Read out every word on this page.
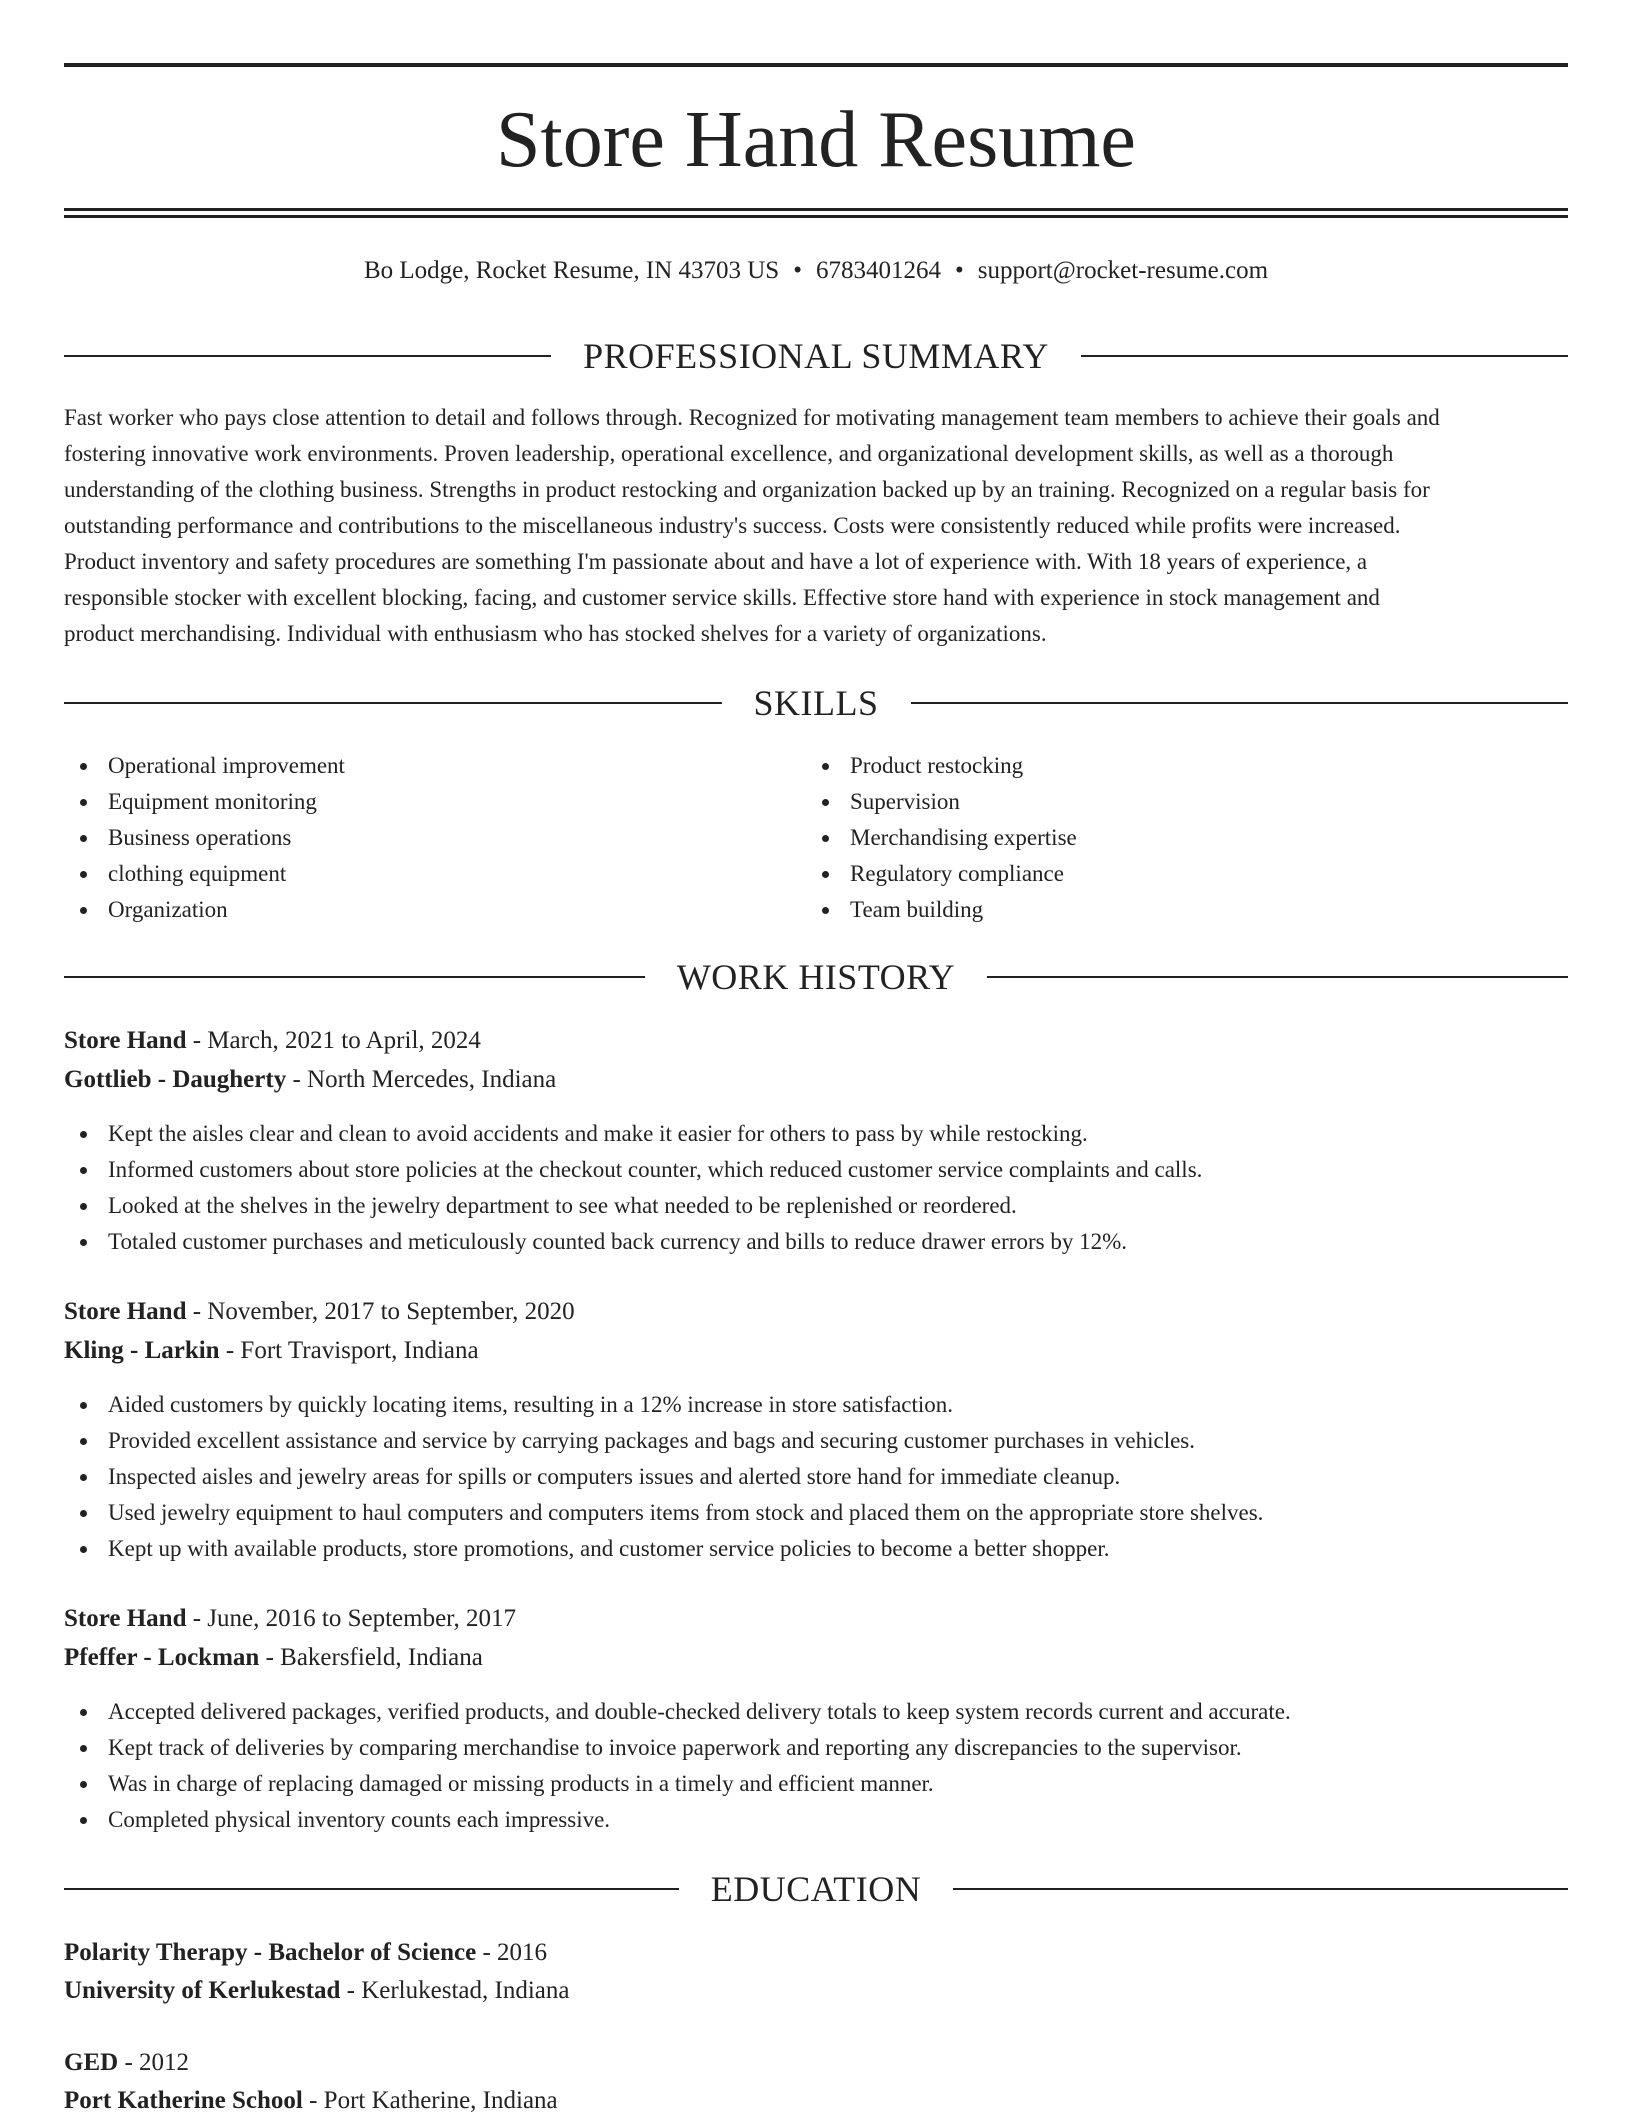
Store Hand Resume
Bo Lodge, Rocket Resume, IN 43703 US • 6783401264 • support@rocket-resume.com
PROFESSIONAL SUMMARY
Fast worker who pays close attention to detail and follows through. Recognized for motivating management team members to achieve their goals and
fostering innovative work environments. Proven leadership, operational excellence, and organizational development skills, as well as a thorough
understanding of the clothing business. Strengths in product restocking and organization backed up by an training. Recognized on a regular basis for
outstanding performance and contributions to the miscellaneous industry's success. Costs were consistently reduced while profits were increased.
Product inventory and safety procedures are something I'm passionate about and have a lot of experience with. With 18 years of experience, a
responsible stocker with excellent blocking, facing, and customer service skills. Effective store hand with experience in stock management and
product merchandising. Individual with enthusiasm who has stocked shelves for a variety of organizations.
SKILLS
Operational improvement
Equipment monitoring
Business operations
clothing equipment
Organization
Product restocking
Supervision
Merchandising expertise
Regulatory compliance
Team building
WORK HISTORY
Store Hand - March, 2021 to April, 2024
Gottlieb - Daugherty - North Mercedes, Indiana
Kept the aisles clear and clean to avoid accidents and make it easier for others to pass by while restocking.
Informed customers about store policies at the checkout counter, which reduced customer service complaints and calls.
Looked at the shelves in the jewelry department to see what needed to be replenished or reordered.
Totaled customer purchases and meticulously counted back currency and bills to reduce drawer errors by 12%.
Store Hand - November, 2017 to September, 2020
Kling - Larkin - Fort Travisport, Indiana
Aided customers by quickly locating items, resulting in a 12% increase in store satisfaction.
Provided excellent assistance and service by carrying packages and bags and securing customer purchases in vehicles.
Inspected aisles and jewelry areas for spills or computers issues and alerted store hand for immediate cleanup.
Used jewelry equipment to haul computers and computers items from stock and placed them on the appropriate store shelves.
Kept up with available products, store promotions, and customer service policies to become a better shopper.
Store Hand - June, 2016 to September, 2017
Pfeffer - Lockman - Bakersfield, Indiana
Accepted delivered packages, verified products, and double-checked delivery totals to keep system records current and accurate.
Kept track of deliveries by comparing merchandise to invoice paperwork and reporting any discrepancies to the supervisor.
Was in charge of replacing damaged or missing products in a timely and efficient manner.
Completed physical inventory counts each impressive.
EDUCATION
Polarity Therapy - Bachelor of Science - 2016
University of Kerlukestad - Kerlukestad, Indiana
GED - 2012
Port Katherine School - Port Katherine, Indiana
